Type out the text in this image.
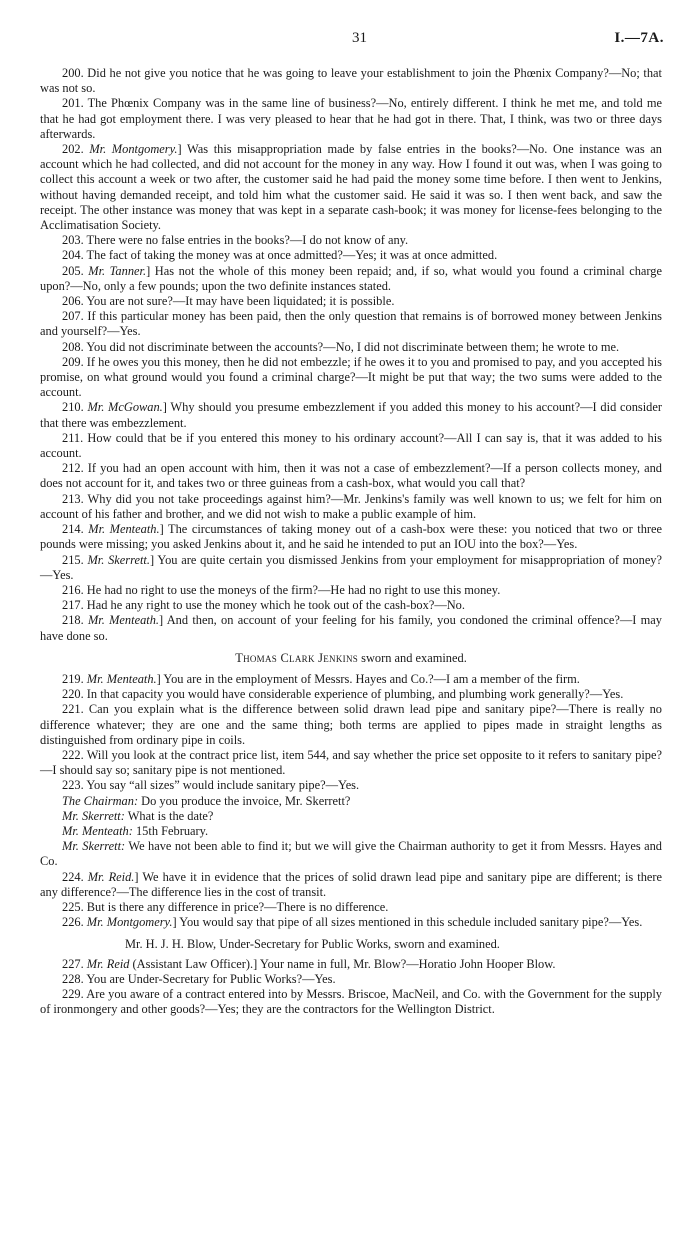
31	I.—7A.

200. Did he not give you notice that he was going to leave your establishment to join the Phœnix Company?—No; that was not so.

201. The Phœnix Company was in the same line of business?—No, entirely different. I think he met me, and told me that he had got employment there. I was very pleased to hear that he had got in there. That, I think, was two or three days afterwards.

202. Mr. Montgomery.] Was this misappropriation made by false entries in the books?—No. One instance was an account which he had collected, and did not account for the money in any way. How I found it out was, when I was going to collect this account a week or two after, the customer said he had paid the money some time before. I then went to Jenkins, without having demanded receipt, and told him what the customer said. He said it was so. I then went back, and saw the receipt. The other instance was money that was kept in a separate cash-book; it was money for license-fees belonging to the Acclimatisation Society.

203. There were no false entries in the books?—I do not know of any.

204. The fact of taking the money was at once admitted?—Yes; it was at once admitted.

205. Mr. Tanner.] Has not the whole of this money been repaid; and, if so, what would you found a criminal charge upon?—No, only a few pounds; upon the two definite instances stated.

206. You are not sure?—It may have been liquidated; it is possible.

207. If this particular money has been paid, then the only question that remains is of borrowed money between Jenkins and yourself?—Yes.

208. You did not discriminate between the accounts?—No, I did not discriminate between them; he wrote to me.

209. If he owes you this money, then he did not embezzle; if he owes it to you and promised to pay, and you accepted his promise, on what ground would you found a criminal charge?—It might be put that way; the two sums were added to the account.

210. Mr. McGowan.] Why should you presume embezzlement if you added this money to his account?—I did consider that there was embezzlement.

211. How could that be if you entered this money to his ordinary account?—All I can say is, that it was added to his account.

212. If you had an open account with him, then it was not a case of embezzlement?—If a person collects money, and does not account for it, and takes two or three guineas from a cash-box, what would you call that?

213. Why did you not take proceedings against him?—Mr. Jenkins's family was well known to us; we felt for him on account of his father and brother, and we did not wish to make a public example of him.

214. Mr. Menteath.] The circumstances of taking money out of a cash-box were these: you noticed that two or three pounds were missing; you asked Jenkins about it, and he said he intended to put an IOU into the box?—Yes.

215. Mr. Skerrett.] You are quite certain you dismissed Jenkins from your employment for misappropriation of money?—Yes.

216. He had no right to use the moneys of the firm?—He had no right to use this money.

217. Had he any right to use the money which he took out of the cash-box?—No.

218. Mr. Menteath.] And then, on account of your feeling for his family, you condoned the criminal offence?—I may have done so.

Thomas Clark Jenkins sworn and examined.

219. Mr. Menteath.] You are in the employment of Messrs. Hayes and Co.?—I am a member of the firm.

220. In that capacity you would have considerable experience of plumbing, and plumbing work generally?—Yes.

221. Can you explain what is the difference between solid drawn lead pipe and sanitary pipe?—There is really no difference whatever; they are one and the same thing; both terms are applied to pipes made in straight lengths as distinguished from ordinary pipe in coils.

222. Will you look at the contract price list, item 544, and say whether the price set opposite to it refers to sanitary pipe?—I should say so; sanitary pipe is not mentioned.

223. You say “all sizes” would include sanitary pipe?—Yes.

The Chairman: Do you produce the invoice, Mr. Skerrett?

Mr. Skerrett: What is the date?

Mr. Menteath: 15th February.

Mr. Skerrett: We have not been able to find it; but we will give the Chairman authority to get it from Messrs. Hayes and Co.

224. Mr. Reid.] We have it in evidence that the prices of solid drawn lead pipe and sanitary pipe are different; is there any difference?—The difference lies in the cost of transit.

225. But is there any difference in price?—There is no difference.

226. Mr. Montgomery.] You would say that pipe of all sizes mentioned in this schedule included sanitary pipe?—Yes.

Mr. H. J. H. Blow, Under-Secretary for Public Works, sworn and examined.

227. Mr. Reid (Assistant Law Officer).] Your name in full, Mr. Blow?—Horatio John Hooper Blow.

228. You are Under-Secretary for Public Works?—Yes.

229. Are you aware of a contract entered into by Messrs. Briscoe, MacNeil, and Co. with the Government for the supply of ironmongery and other goods?—Yes; they are the contractors for the Wellington District.
